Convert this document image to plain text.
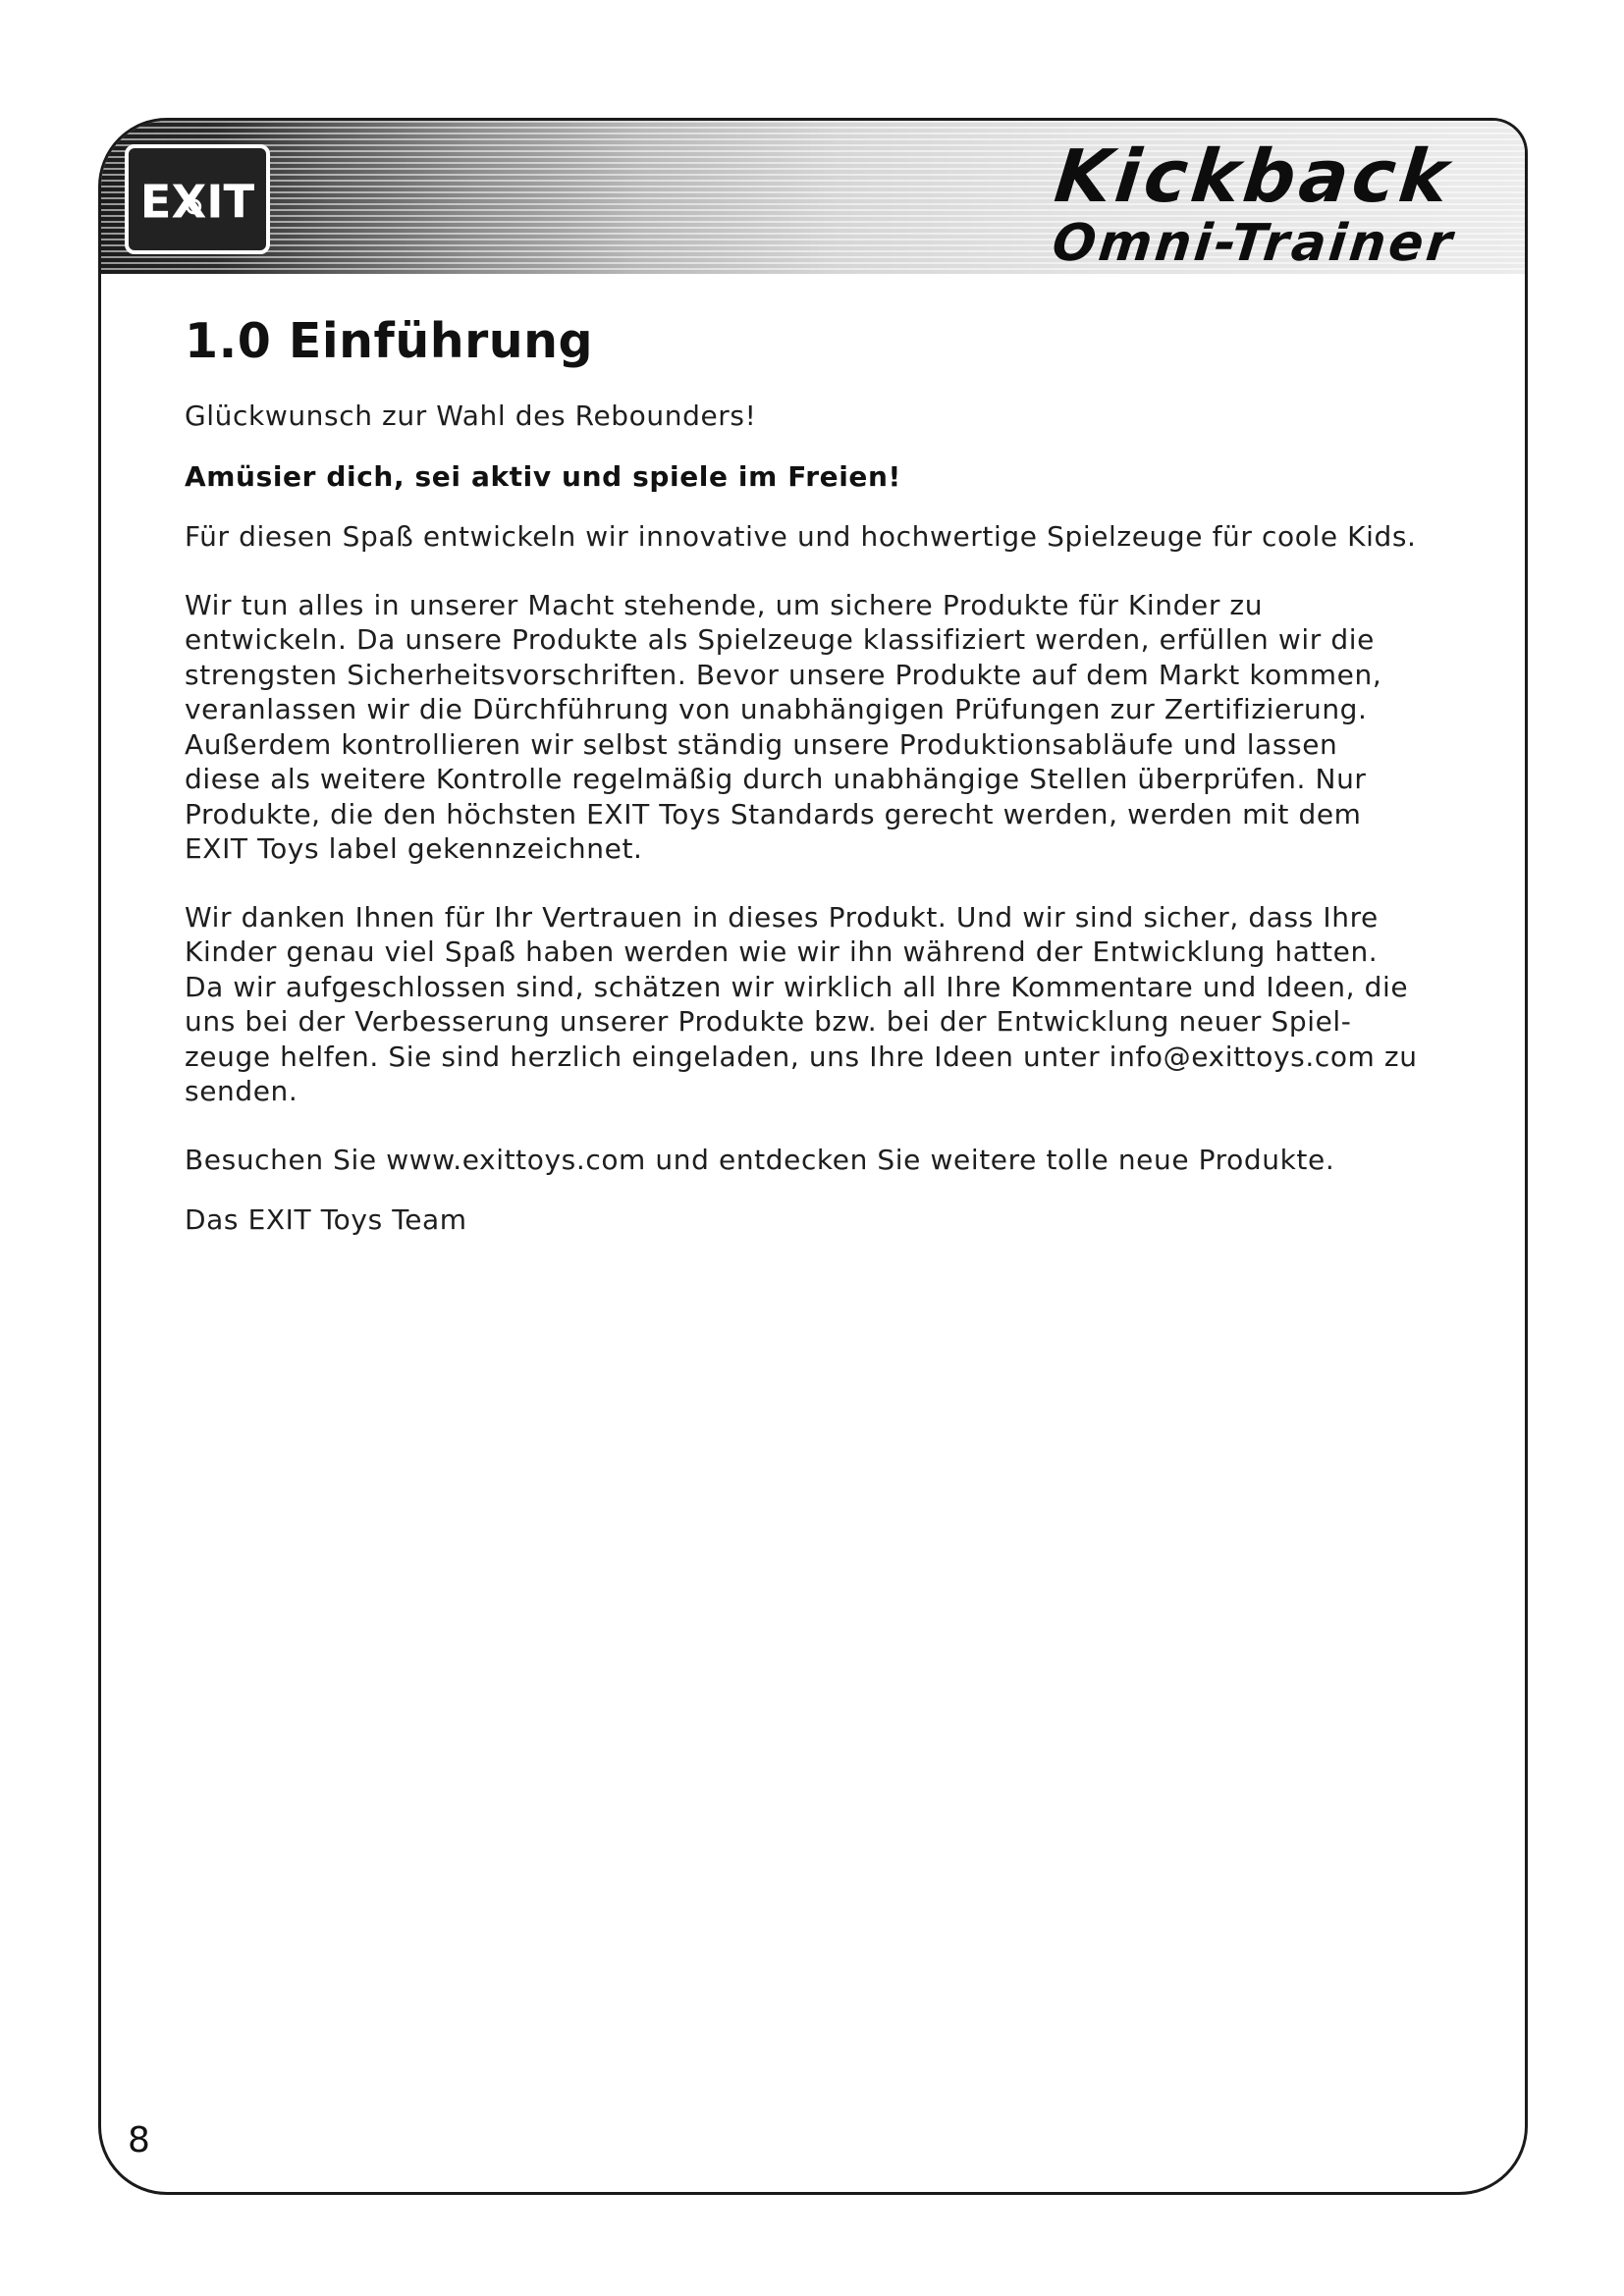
EXIT	Kickback
Omni-Trainer
1.0 Einführung

Glückwunsch zur Wahl des Rebounders!

Amüsier dich, sei aktiv und spiele im Freien!

Für diesen Spaß entwickeln wir innovative und hochwertige Spielzeuge für coole Kids.

Wir tun alles in unserer Macht stehende, um sichere Produkte für Kinder zu
entwickeln. Da unsere Produkte als Spielzeuge klassifiziert werden, erfüllen wir die
strengsten Sicherheitsvorschriften. Bevor unsere Produkte auf dem Markt kommen,
veranlassen wir die Dürchführung von unabhängigen Prüfungen zur Zertifizierung.
Außerdem kontrollieren wir selbst ständig unsere Produktionsabläufe und lassen
diese als weitere Kontrolle regelmäßig durch unabhängige Stellen überprüfen. Nur
Produkte, die den höchsten EXIT Toys Standards gerecht werden, werden mit dem
EXIT Toys label gekennzeichnet.

Wir danken Ihnen für Ihr Vertrauen in dieses Produkt. Und wir sind sicher, dass Ihre
Kinder genau viel Spaß haben werden wie wir ihn während der Entwicklung hatten.
Da wir aufgeschlossen sind, schätzen wir wirklich all Ihre Kommentare und Ideen, die
uns bei der Verbesserung unserer Produkte bzw. bei der Entwicklung neuer Spiel-
zeuge helfen. Sie sind herzlich eingeladen, uns Ihre Ideen unter info@exittoys.com zu
senden.

Besuchen Sie www.exittoys.com und entdecken Sie weitere tolle neue Produkte.

Das EXIT Toys Team

8
